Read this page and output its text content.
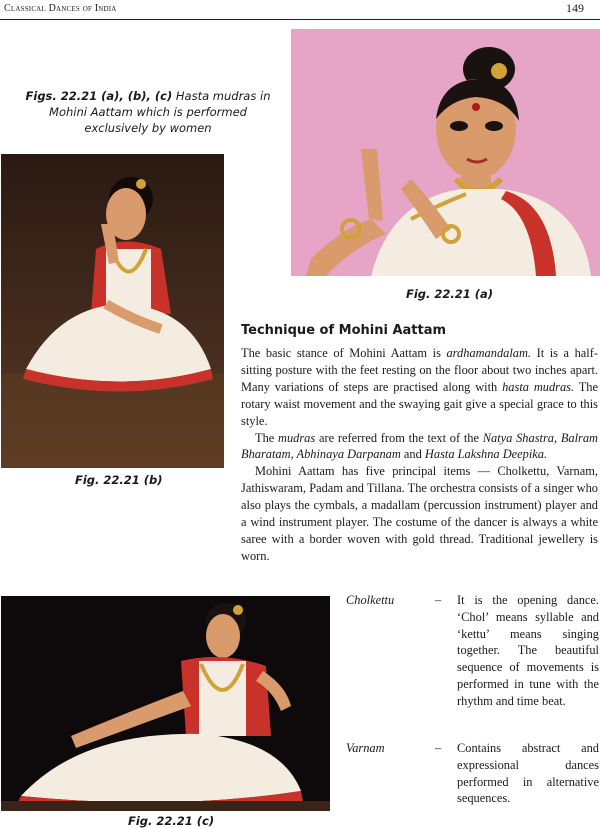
Classical Dances of India	149
Figs. 22.21 (a), (b), (c) Hasta mudras in Mohini Aattam which is performed exclusively by women
Fig. 22.21 (a)
Fig. 22.21 (b)
Fig. 22.21 (c)
Technique of Mohini Aattam

The basic stance of Mohini Aattam is ardhamandalam. It is a half-sitting posture with the feet resting on the floor about two inches apart. Many variations of steps are practised along with hasta mudras. The rotary waist movement and the swaying gait give a special grace to this style.

The mudras are referred from the text of the Natya Shastra, Balram Bharatam, Abhinaya Darpanam and Hasta Lakshna Deepika.

Mohini Aattam has five principal items — Cholkettu, Varnam, Jathiswaram, Padam and Tillana. The orchestra consists of a singer who also plays the cymbals, a madallam (percussion instrument) player and a wind instrument player. The costume of the dancer is always a white saree with a border woven with gold thread. Traditional jewellery is worn.

Cholkettu	– It is the opening dance. ‘Chol’ means syllable and ‘kettu’ means singing together. The beautiful sequence of movements is performed in tune with the rhythm and time beat.
Varnam	– Contains abstract and expressional dances performed in alternative sequences.
